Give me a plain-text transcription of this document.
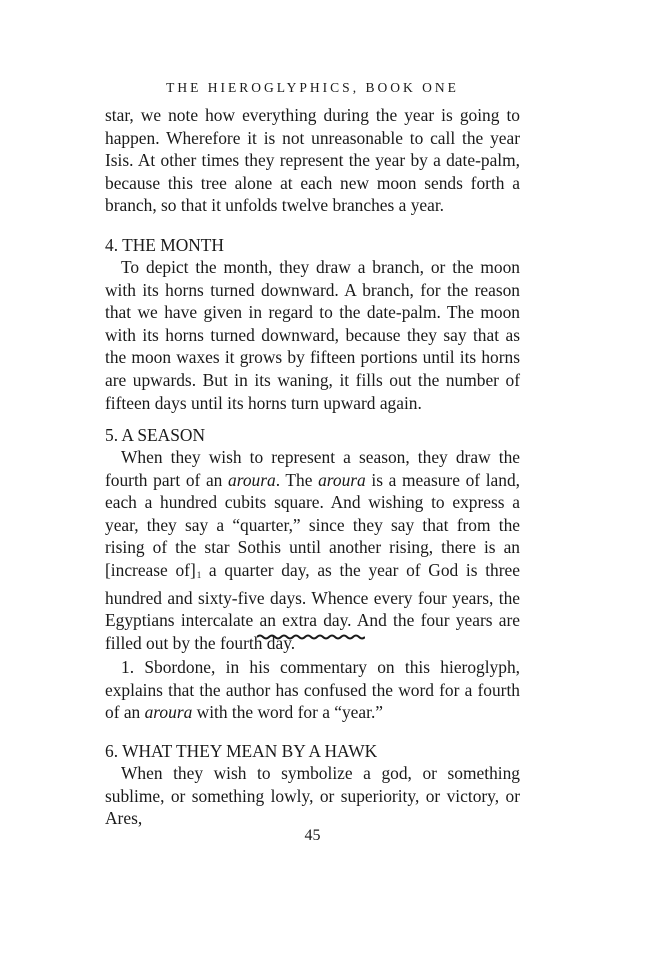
THE HIEROGLYPHICS, BOOK ONE

star, we note how everything during the year is going to happen. Wherefore it is not unreasonable to call the year Isis. At other times they represent the year by a date-palm, because this tree alone at each new moon sends forth a branch, so that it unfolds twelve branches a year.

4. THE MONTH

To depict the month, they draw a branch, or the moon with its horns turned downward. A branch, for the reason that we have given in regard to the date-palm. The moon with its horns turned downward, because they say that as the moon waxes it grows by fifteen portions until its horns are upwards. But in its waning, it fills out the number of fifteen days until its horns turn upward again.

5. A SEASON

When they wish to represent a season, they draw the fourth part of an aroura. The aroura is a measure of land, each a hundred cubits square. And wishing to express a year, they say a “quarter,” since they say that from the rising of the star Sothis until another rising, there is an [increase of]$^1$ a quarter day, as the year of God is three hundred and sixty-five days. Whence every four years, the Egyptians intercalate an extra day. And the four years are filled out by the fourth day.

1. Sbordone, in his commentary on this hieroglyph, explains that the author has confused the word for a fourth of an aroura with the word for a “year.”

6. WHAT THEY MEAN BY A HAWK

When they wish to symbolize a god, or something sublime, or something lowly, or superiority, or victory, or Ares,

45
